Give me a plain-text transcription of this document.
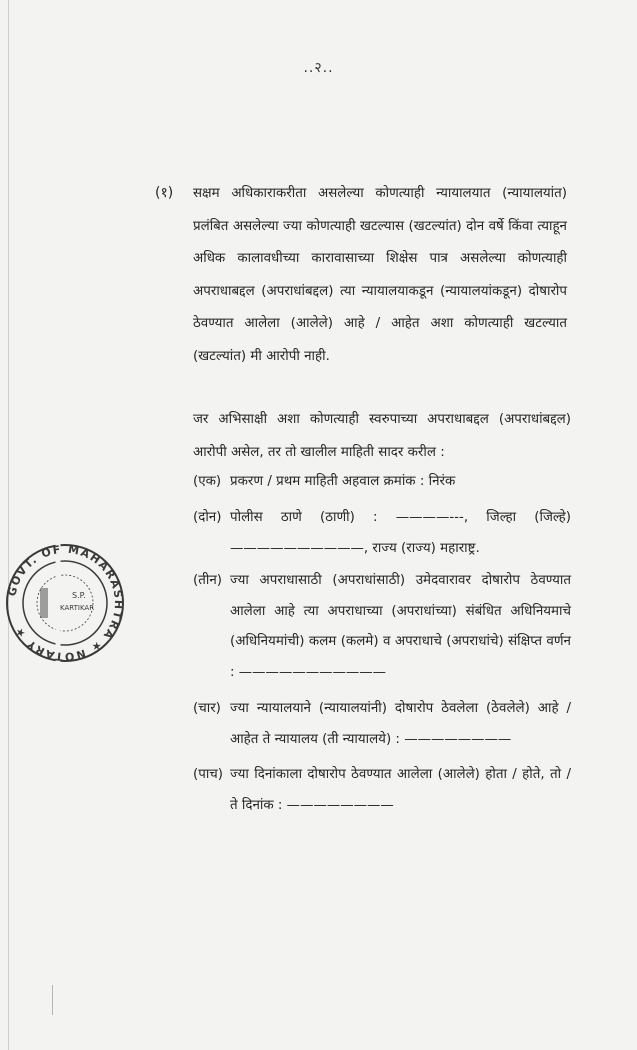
..२..
(१) सक्षम अधिकाराकरीता असलेल्या कोणत्याही न्यायालयात (न्यायालयांत) प्रलंबित असलेल्या ज्या कोणत्याही खटल्यास (खटल्यांत) दोन वर्षे किंवा त्याहून अधिक कालावधीच्या कारावासाच्या शिक्षेस पात्र असलेल्या कोणत्याही अपराधाबद्दल (अपराधांबद्दल) त्या न्यायालयाकडून (न्यायालयांकडून) दोषारोप ठेवण्यात आलेला (आलेले) आहे / आहेत अशा कोणत्याही खटल्यात (खटल्यांत) मी आरोपी नाही.
जर अभिसाक्षी अशा कोणत्याही स्वरुपाच्या अपराधाबद्दल (अपराधांबद्दल) आरोपी असेल, तर तो खालील माहिती सादर करील :
(एक) प्रकरण / प्रथम माहिती अहवाल क्रमांक : निरंक
(दोन) पोलीस ठाणे (ठाणी) : ————---, जिल्हा (जिल्हे) ——————————, राज्य (राज्य) महाराष्ट्र.
(तीन) ज्या अपराधासाठी (अपराधांसाठी) उमेदवारावर दोषारोप ठेवण्यात आलेला आहे त्या अपराधाच्या (अपराधांच्या) संबंधित अधिनियमाचे (अधिनियमांची) कलम (कलमे) व अपराधाचे (अपराधांचे) संक्षिप्त वर्णन : ———————————
(चार) ज्या न्यायालयाने (न्यायालयांनी) दोषारोप ठेवलेला (ठेवलेले) आहे / आहेत ते न्यायालय (ती न्यायालये) : ————————
(पाच) ज्या दिनांकाला दोषारोप ठेवण्यात आलेला (आलेले) होता / होते, तो / ते दिनांक : ————————
GOVT. OF MAHARASHTRA ★ NOTARY ★
S.P.
KARTIKAR
